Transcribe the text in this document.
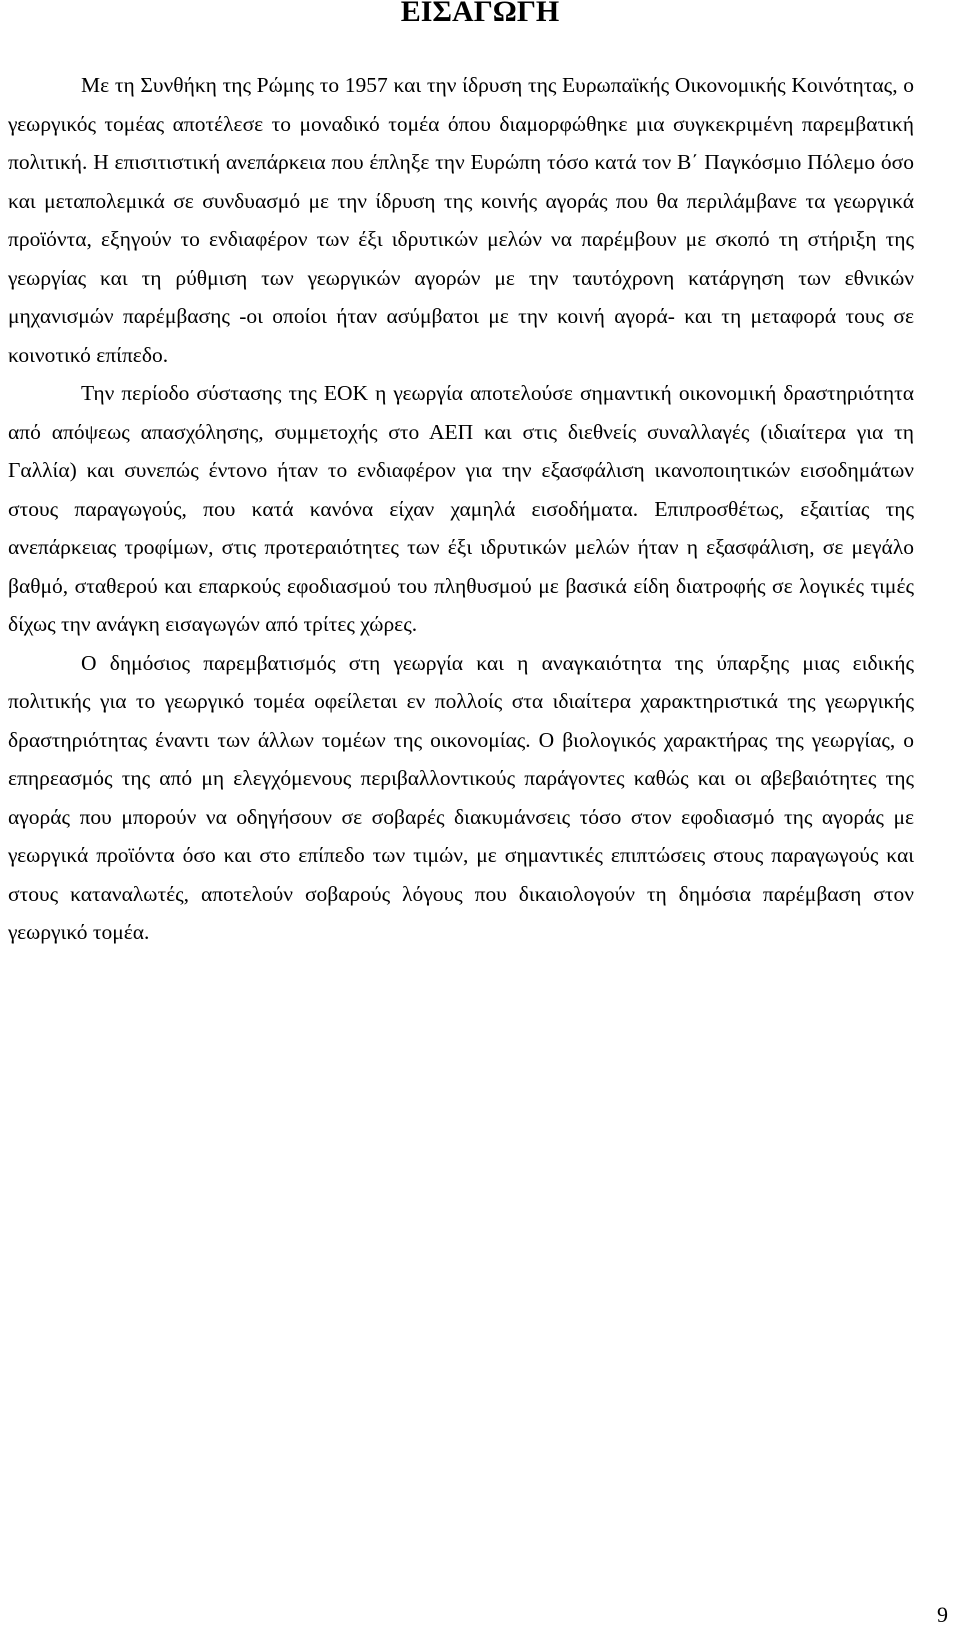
ΕΙΣΑΓΩΓΗ

Με τη Συνθήκη της Ρώμης το 1957 και την ίδρυση της Ευρωπαϊκής Οικονομικής Κοινότητας, ο γεωργικός τομέας αποτέλεσε το μοναδικό τομέα όπου διαμορφώθηκε μια συγκεκριμένη παρεμβατική πολιτική. Η επισιτιστική ανεπάρκεια που έπληξε την Ευρώπη τόσο κατά τον Β΄ Παγκόσμιο Πόλεμο όσο και μεταπολεμικά σε συνδυασμό με την ίδρυση της κοινής αγοράς που θα περιλάμβανε τα γεωργικά προϊόντα, εξηγούν το ενδιαφέρον των έξι ιδρυτικών μελών να παρέμβουν με σκοπό τη στήριξη της γεωργίας και τη ρύθμιση των γεωργικών αγορών με την ταυτόχρονη κατάργηση των εθνικών μηχανισμών παρέμβασης -οι οποίοι ήταν ασύμβατοι με την κοινή αγορά- και τη μεταφορά τους σε κοινοτικό επίπεδο.

Την περίοδο σύστασης της ΕΟΚ η γεωργία αποτελούσε σημαντική οικονομική δραστηριότητα από απόψεως απασχόλησης, συμμετοχής στο ΑΕΠ και στις διεθνείς συναλλαγές (ιδιαίτερα για τη Γαλλία) και συνεπώς έντονο ήταν το ενδιαφέρον για την εξασφάλιση ικανοποιητικών εισοδημάτων στους παραγωγούς, που κατά κανόνα είχαν χαμηλά εισοδήματα. Επιπροσθέτως, εξαιτίας της ανεπάρκειας τροφίμων, στις προτεραιότητες των έξι ιδρυτικών μελών ήταν η εξασφάλιση, σε μεγάλο βαθμό, σταθερού και επαρκούς εφοδιασμού του πληθυσμού με βασικά είδη διατροφής σε λογικές τιμές δίχως την ανάγκη εισαγωγών από τρίτες χώρες.

Ο δημόσιος παρεμβατισμός στη γεωργία και η αναγκαιότητα της ύπαρξης μιας ειδικής πολιτικής για το γεωργικό τομέα οφείλεται εν πολλοίς στα ιδιαίτερα χαρακτηριστικά της γεωργικής δραστηριότητας έναντι των άλλων τομέων της οικονομίας. Ο βιολογικός χαρακτήρας της γεωργίας, ο επηρεασμός της από μη ελεγχόμενους περιβαλλοντικούς παράγοντες καθώς και οι αβεβαιότητες της αγοράς που μπορούν να οδηγήσουν σε σοβαρές διακυμάνσεις τόσο στον εφοδιασμό της αγοράς με γεωργικά προϊόντα όσο και στο επίπεδο των τιμών, με σημαντικές επιπτώσεις στους παραγωγούς και στους καταναλωτές, αποτελούν σοβαρούς λόγους που δικαιολογούν τη δημόσια παρέμβαση στον γεωργικό τομέα.

9
